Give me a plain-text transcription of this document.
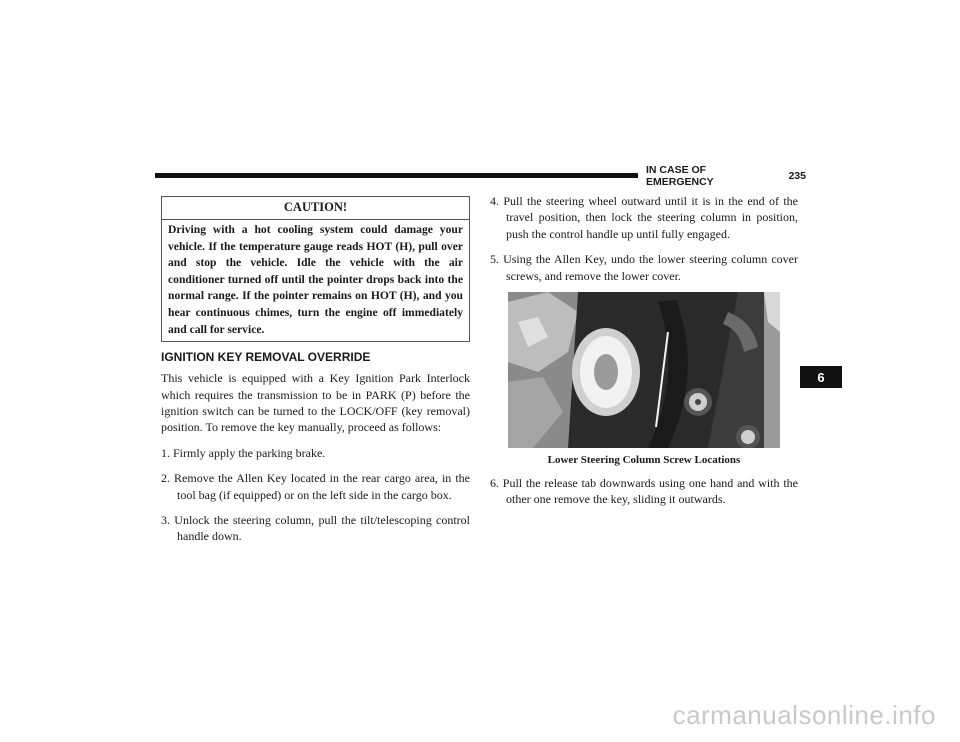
IN CASE OF EMERGENCY	235
6
CAUTION!
Driving with a hot cooling system could damage your vehicle. If the temperature gauge reads HOT (H), pull over and stop the vehicle. Idle the vehicle with the air conditioner turned off until the pointer drops back into the normal range. If the pointer remains on HOT (H), and you hear continuous chimes, turn the engine off immediately and call for service.
IGNITION KEY REMOVAL OVERRIDE

This vehicle is equipped with a Key Ignition Park Interlock which requires the transmission to be in PARK (P) before the ignition switch can be turned to the LOCK/OFF (key removal) position. To remove the key manually, proceed as follows:

1. Firmly apply the parking brake.
2. Remove the Allen Key located in the rear cargo area, in the tool bag (if equipped) or on the left side in the cargo box.
3. Unlock the steering column, pull the tilt/telescoping control handle down.
4. Pull the steering wheel outward until it is in the end of the travel position, then lock the steering column in position, push the control handle up until fully engaged.
5. Using the Allen Key, undo the lower steering column cover screws, and remove the lower cover.
Lower Steering Column Screw Locations
6. Pull the release tab downwards using one hand and with the other one remove the key, sliding it outwards.
carmanualsonline.info
